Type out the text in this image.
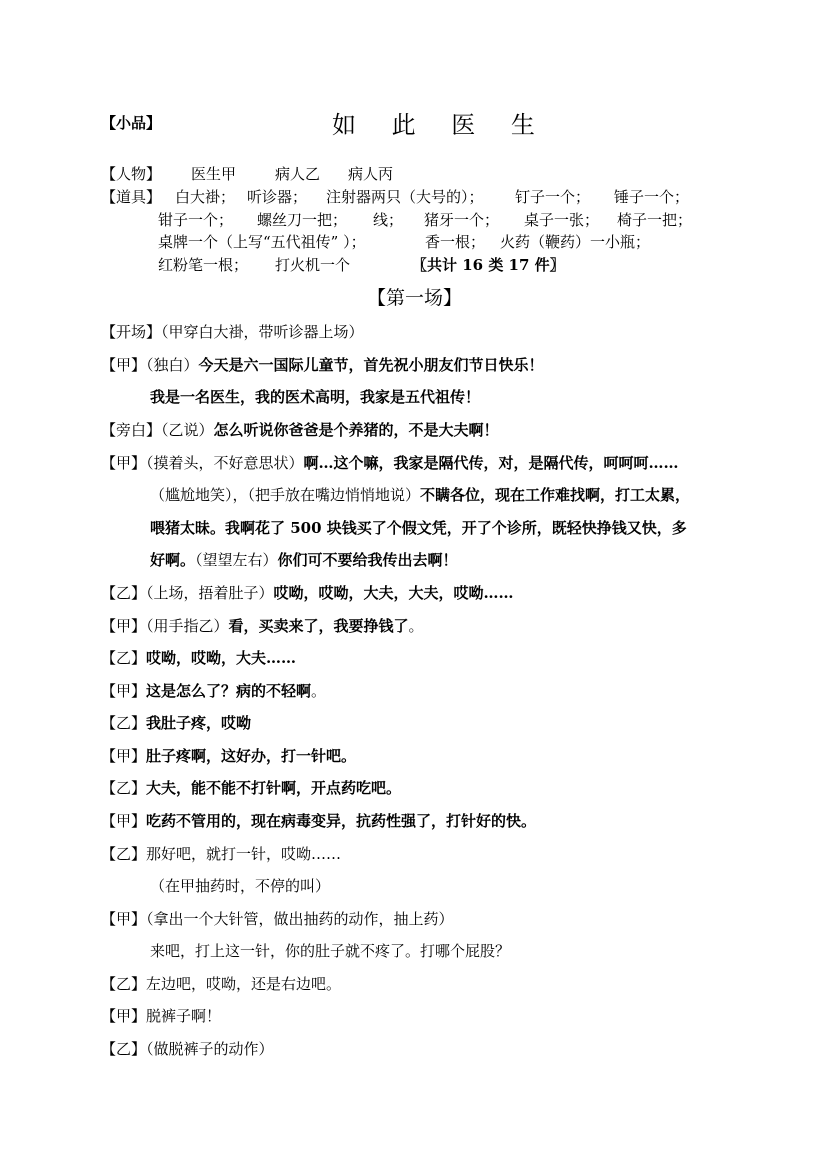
【小品】	如 此 医 生
【人物】 医生甲	病人乙 病人丙
【道具】 白大褂； 听诊器； 注射器两只（大号的）； 钉子一个； 锤子一个；
钳子一个； 螺丝刀一把； 线； 猪牙一个； 桌子一张； 椅子一把；
桌牌一个（上写“五代祖传” ）；	香一根； 火药（鞭药）一小瓶；
红粉笔一根； 打火机一个	〖共计 16 类 17 件〗
【第一场】
【开场】（甲穿白大褂，带听诊器上场）
【甲】（独白）今天是六一国际儿童节，首先祝小朋友们节日快乐！
我是一名医生，我的医术高明，我家是五代祖传！
【旁白】（乙说）怎么听说你爸爸是个养猪的，不是大夫啊！
【甲】（摸着头，不好意思状）啊…这个嘛，我家是隔代传，对，是隔代传，呵呵呵……
（尴尬地笑），（把手放在嘴边悄悄地说）不瞒各位，现在工作难找啊，打工太累，
喂猪太昧。我啊花了 500 块钱买了个假文凭，开了个诊所，既轻快挣钱又快，多
好啊。（望望左右）你们可不要给我传出去啊！
【乙】（上场，捂着肚子）哎呦，哎呦，大夫，大夫，哎呦……
【甲】（用手指乙）看，买卖来了，我要挣钱了。
【乙】哎呦，哎呦，大夫……
【甲】这是怎么了？病的不轻啊。
【乙】我肚子疼，哎呦
【甲】肚子疼啊，这好办，打一针吧。
【乙】大夫，能不能不打针啊，开点药吃吧。
【甲】吃药不管用的，现在病毒变异，抗药性强了，打针好的快。
【乙】那好吧，就打一针，哎呦……
（在甲抽药时，不停的叫）
【甲】（拿出一个大针管，做出抽药的动作，抽上药）
来吧，打上这一针，你的肚子就不疼了。打哪个屁股？
【乙】左边吧，哎呦，还是右边吧。
【甲】脱裤子啊！
【乙】（做脱裤子的动作）
